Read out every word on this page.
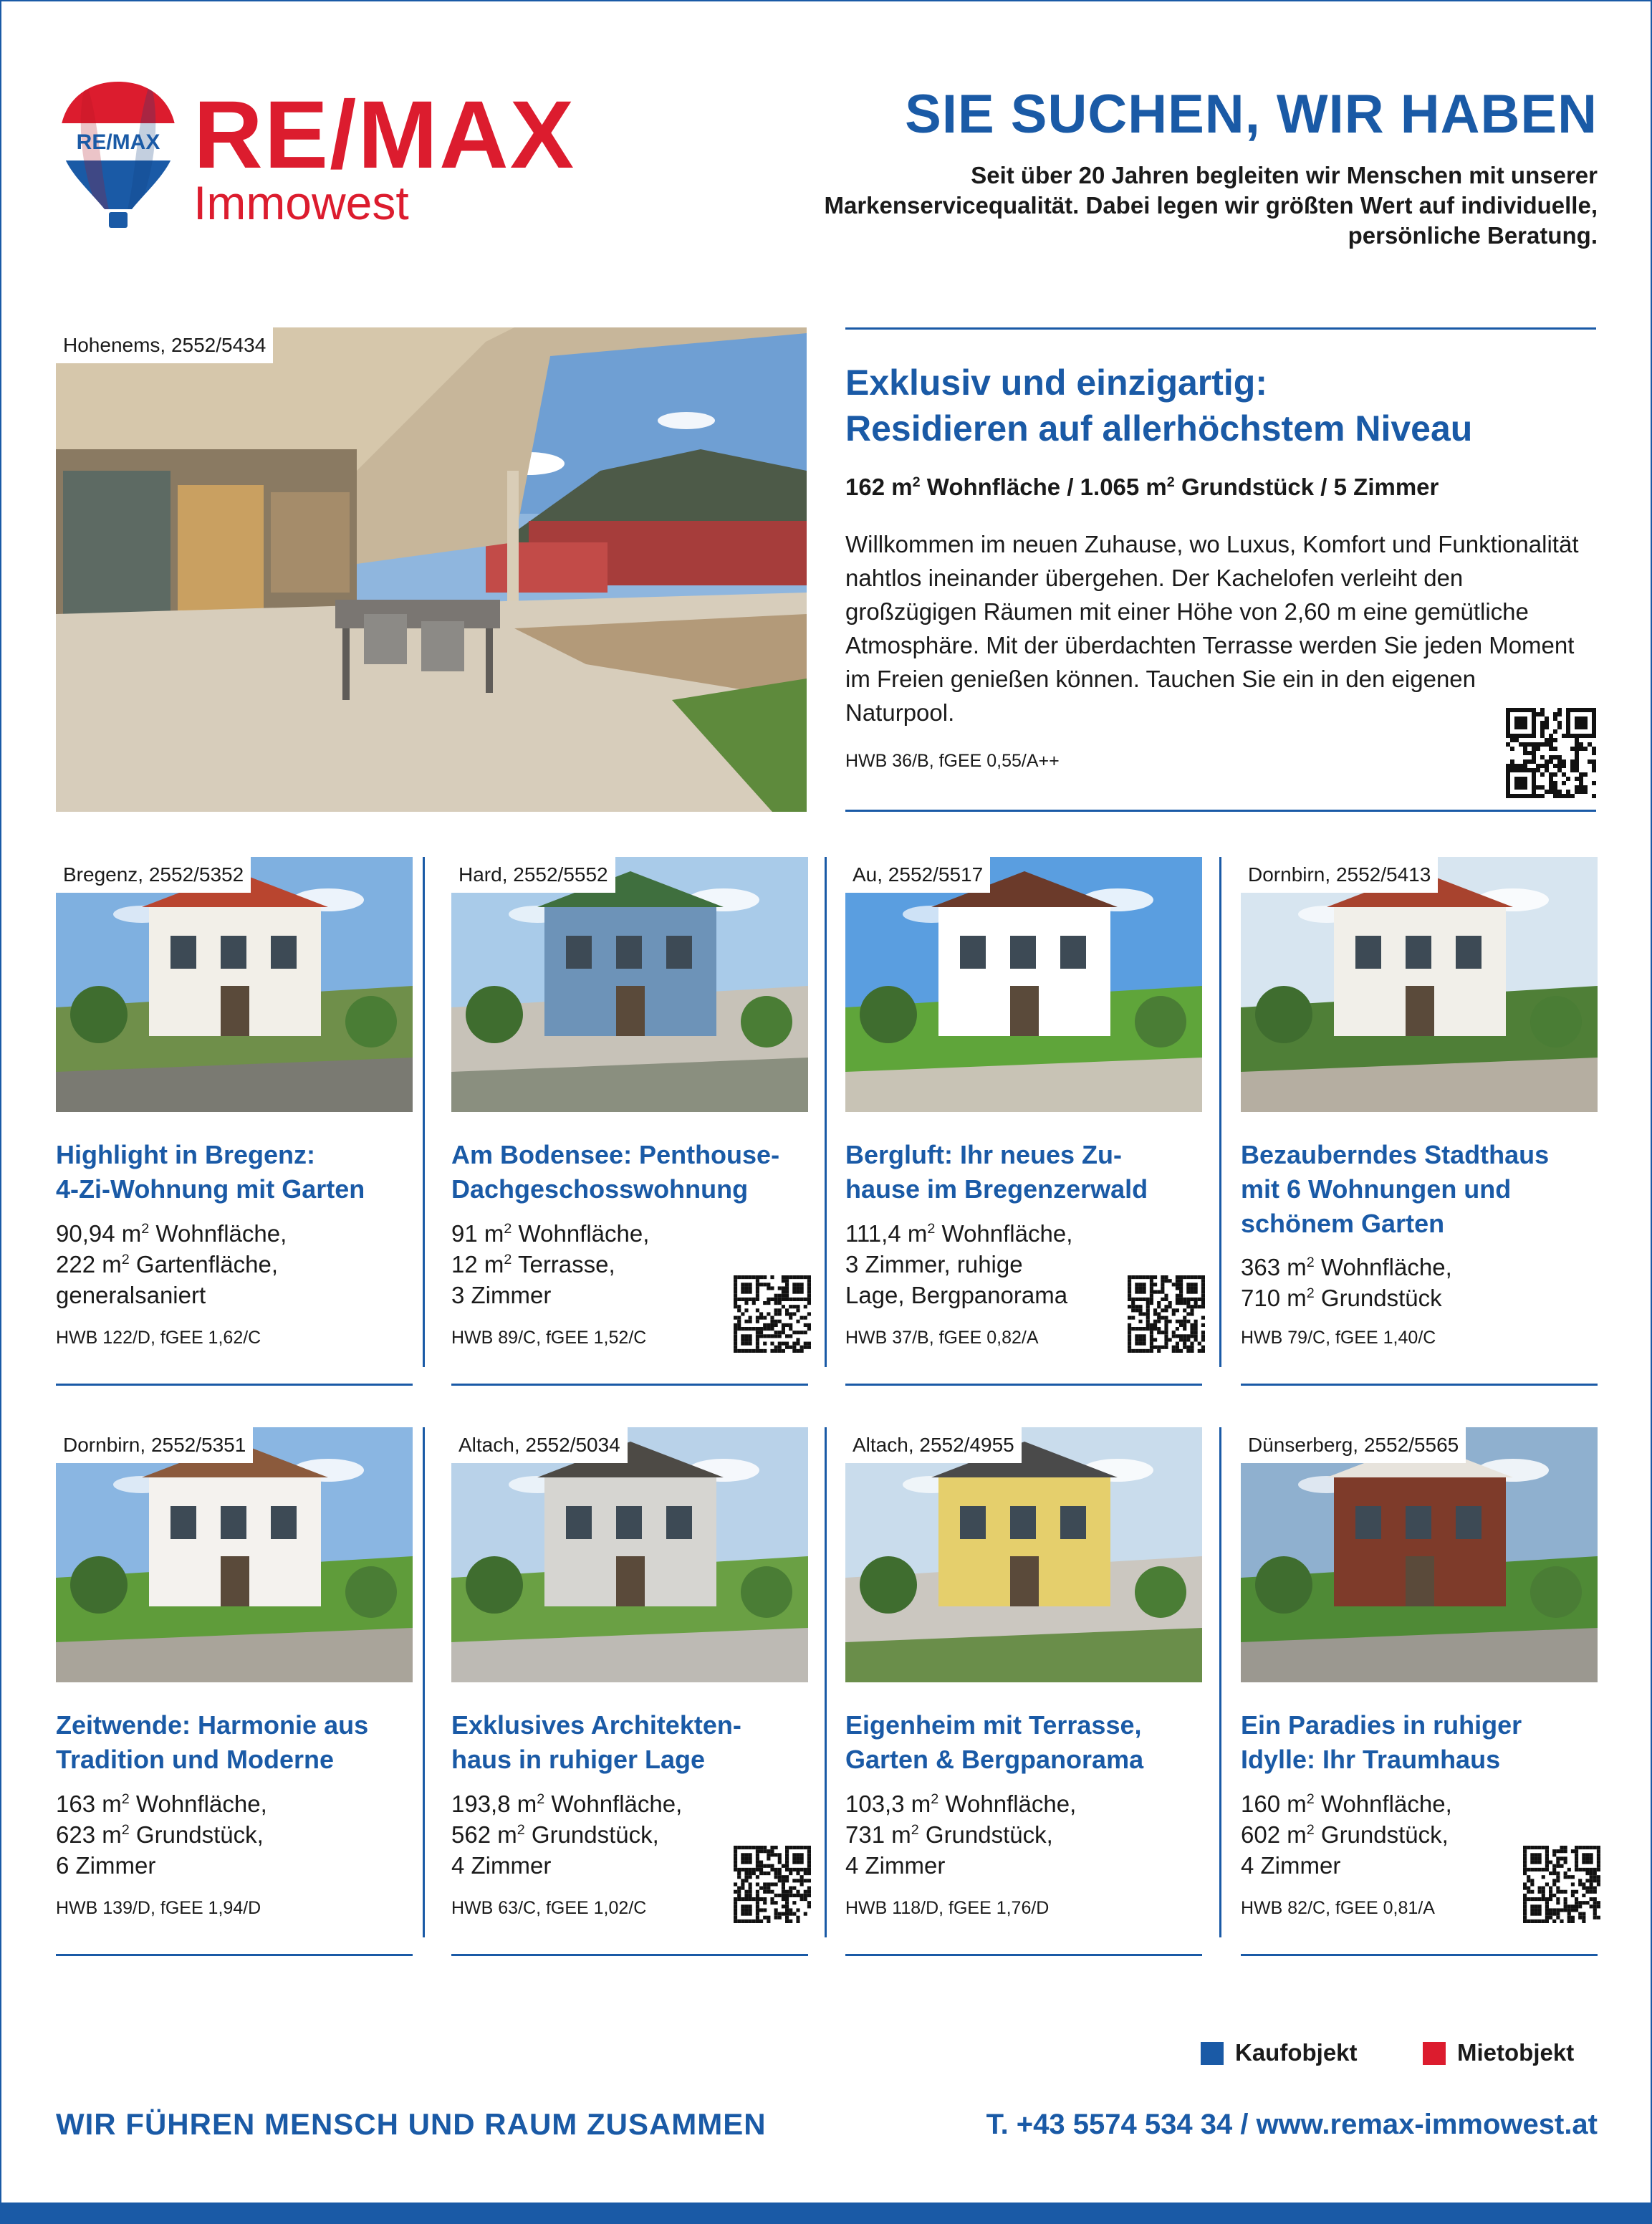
RE/MAX RE/MAX
Immowest
SIE SUCHEN, WIR HABEN
Seit über 20 Jahren begleiten wir Menschen mit unserer Markenservicequalität. Dabei legen wir größten Wert auf individuelle, persönliche Beratung.
Hohenems, 2552/5434
Exklusiv und einzigartig:
Residieren auf allerhöchstem Niveau
162 $m^2$ Wohnfläche / 1.065 $m^2$ Grundstück / 5 Zimmer
Willkommen im neuen Zuhause, wo Luxus, Komfort und Funktionalität nahtlos ineinander übergehen. Der Kachelofen verleiht den großzügigen Räumen mit einer Höhe von 2,60 m eine gemütliche Atmosphäre. Mit der überdachten Terrasse werden Sie jeden Moment im Freien genießen können. Tauchen Sie ein in den eigenen Naturpool.
HWB 36/B, fGEE 0,55/A++
Bregenz, 2552/5352
Highlight in Bregenz:
4-Zi-Wohnung mit Garten
90,94 $m^2$ Wohnfläche,
222 $m^2$ Gartenfläche,
generalsaniert
HWB 122/D, fGEE 1,62/C
Hard, 2552/5552
Am Bodensee: Penthouse-
Dachgeschosswohnung
91 $m^2$ Wohnfläche,
12 $m^2$ Terrasse,
3 Zimmer
HWB 89/C, fGEE 1,52/C
Au, 2552/5517
Bergluft: Ihr neues Zu-
hause im Bregenzerwald
111,4 $m^2$ Wohnfläche,
3 Zimmer, ruhige
Lage, Bergpanorama
HWB 37/B, fGEE 0,82/A
Dornbirn, 2552/5413
Bezauberndes Stadthaus
mit 6 Wohnungen und
schönem Garten
363 $m^2$ Wohnfläche,
710 $m^2$ Grundstück
HWB 79/C, fGEE 1,40/C
Dornbirn, 2552/5351
Zeitwende: Harmonie aus
Tradition und Moderne
163 $m^2$ Wohnfläche,
623 $m^2$ Grundstück,
6 Zimmer
HWB 139/D, fGEE 1,94/D
Altach, 2552/5034
Exklusives Architekten-
haus in ruhiger Lage
193,8 $m^2$ Wohnfläche,
562 $m^2$ Grundstück,
4 Zimmer
HWB 63/C, fGEE 1,02/C
Altach, 2552/4955
Eigenheim mit Terrasse,
Garten & Bergpanorama
103,3 $m^2$ Wohnfläche,
731 $m^2$ Grundstück,
4 Zimmer
HWB 118/D, fGEE 1,76/D
Dünserberg, 2552/5565
Ein Paradies in ruhiger
Idylle: Ihr Traumhaus
160 $m^2$ Wohnfläche,
602 $m^2$ Grundstück,
4 Zimmer
HWB 82/C, fGEE 0,81/A
Kaufobjekt	Mietobjekt
WIR FÜHREN MENSCH UND RAUM ZUSAMMEN	T. +43 5574 534 34 / www.remax-immowest.at
